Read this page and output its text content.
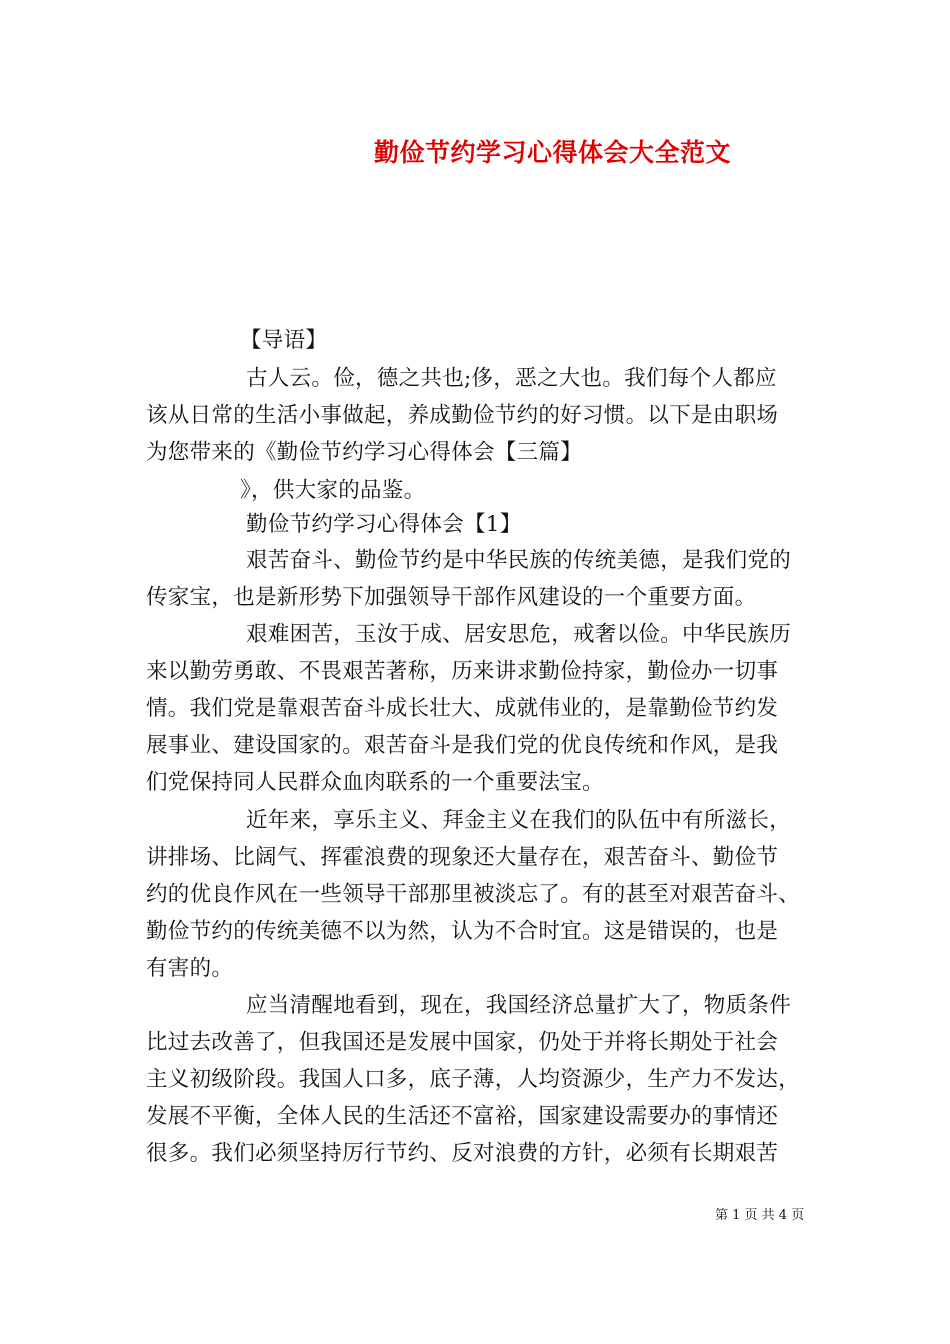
勤俭节约学习心得体会大全范文
【导语】
古人云。俭，德之共也;侈，恶之大也。我们每个人都应
该从日常的生活小事做起，养成勤俭节约的好习惯。以下是由职场
为您带来的《勤俭节约学习心得体会【三篇】
》，供大家的品鉴。
勤俭节约学习心得体会【1】
艰苦奋斗、勤俭节约是中华民族的传统美德，是我们党的
传家宝，也是新形势下加强领导干部作风建设的一个重要方面。
艰难困苦，玉汝于成、居安思危，戒奢以俭。中华民族历
来以勤劳勇敢、不畏艰苦著称，历来讲求勤俭持家，勤俭办一切事
情。我们党是靠艰苦奋斗成长壮大、成就伟业的，是靠勤俭节约发
展事业、建设国家的。艰苦奋斗是我们党的优良传统和作风，是我
们党保持同人民群众血肉联系的一个重要法宝。
近年来，享乐主义、拜金主义在我们的队伍中有所滋长，
讲排场、比阔气、挥霍浪费的现象还大量存在，艰苦奋斗、勤俭节
约的优良作风在一些领导干部那里被淡忘了。有的甚至对艰苦奋斗、
勤俭节约的传统美德不以为然，认为不合时宜。这是错误的，也是
有害的。
应当清醒地看到，现在，我国经济总量扩大了，物质条件
比过去改善了，但我国还是发展中国家，仍处于并将长期处于社会
主义初级阶段。我国人口多，底子薄，人均资源少，生产力不发达，
发展不平衡，全体人民的生活还不富裕，国家建设需要办的事情还
很多。我们必须坚持厉行节约、反对浪费的方针，必须有长期艰苦
第 1 页 共 4 页
